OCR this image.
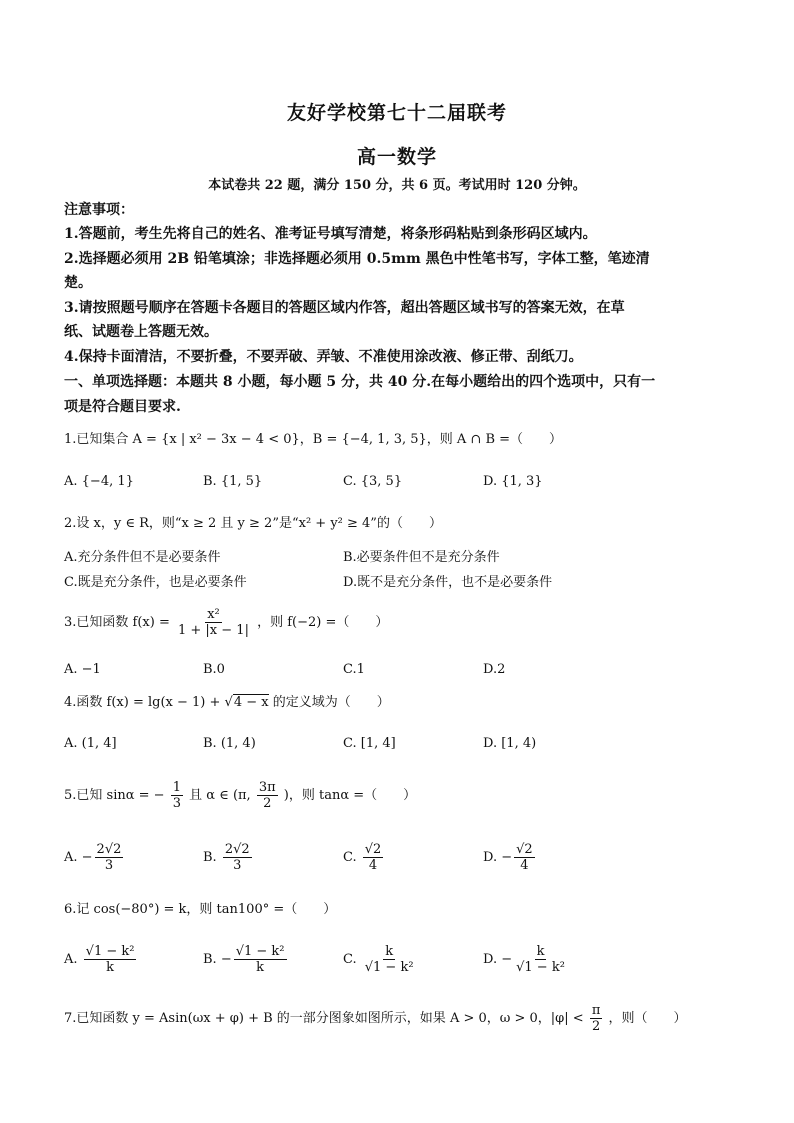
友好学校第七十二届联考
高一数学
本试卷共 22 题，满分 150 分，共 6 页。考试用时 120 分钟。
注意事项：
1.答题前，考生先将自己的姓名、准考证号填写清楚，将条形码粘贴到条形码区域内。
2.选择题必须用 2B 铅笔填涂；非选择题必须用 0.5mm 黑色中性笔书写，字体工整，笔迹清
楚。
3.请按照题号顺序在答题卡各题目的答题区域内作答，超出答题区域书写的答案无效，在草
纸、试题卷上答题无效。
4.保持卡面清洁，不要折叠，不要弄破、弄皱、不准使用涂改液、修正带、刮纸刀。
一、单项选择题：本题共 8 小题，每小题 5 分，共 40 分.在每小题给出的四个选项中，只有一
项是符合题目要求.
1.已知集合 A = {x | x² − 3x − 4 < 0}，B = {−4, 1, 3, 5}，则 A ∩ B =（　　）
A. {−4, 1}	B. {1, 5}	C. {3, 5}	D. {1, 3}
2.设 x，y ∈ R，则“x ≥ 2 且 y ≥ 2”是“x² + y² ≥ 4”的（　　）
A.充分条件但不是必要条件	B.必要条件但不是充分条件
C.既是充分条件，也是必要条件	D.既不是充分条件，也不是必要条件
3.已知函数 $f(x) = \frac{\text{x²}}{1 + |x - 1|}$ ，则 f(−2) =（　　）
A. −1	B.0	C.1	D.2
4.函数 f(x) = lg(x − 1) + √4 − x 的定义域为（　　）
A. (1, 4]	B. (1, 4)	C. [1, 4]	D. [1, 4)
5.已知 sinα = − $\frac{1}{3}$ 且 α ∈ (π, $\frac{3\pi}{2}$ )，则 tanα =（　　）
A. − $\frac{2√2}{3}$	B. $\frac{2√2}{3}$	C. $\frac{√2}{4}$	D. − $\frac{√2}{4}$
6.记 cos(−80°) = k，则 tan100° =（　　）
A. $\frac{\text{√1 − k²}}{k}$	B. − $\frac{\text{√1 − k²}}{k}$	C. $\frac{k}{\text{√1 − k²}}$	D. − $\frac{k}{\text{√1 − k²}}$
7.已知函数 y = Asin(ωx + φ) + B 的一部分图象如图所示，如果 A > 0，ω > 0，$|\varphi| < \frac{\pi}{2}$ ，则（　　）
